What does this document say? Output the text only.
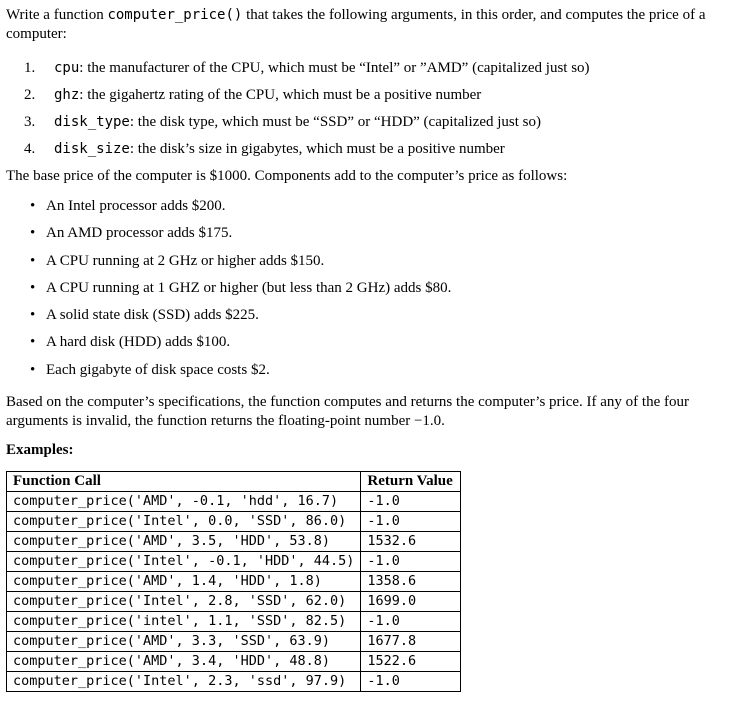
Write a function computer_price() that takes the following arguments, in this order, and computes the price of a computer:

1. cpu: the manufacturer of the CPU, which must be “Intel” or ”AMD” (capitalized just so)
2. ghz: the gigahertz rating of the CPU, which must be a positive number
3. disk_type: the disk type, which must be “SSD” or “HDD” (capitalized just so)
4. disk_size: the disk’s size in gigabytes, which must be a positive number

The base price of the computer is $1000. Components add to the computer’s price as follows:

• An Intel processor adds $200.
• An AMD processor adds $175.
• A CPU running at 2 GHz or higher adds $150.
• A CPU running at 1 GHZ or higher (but less than 2 GHz) adds $80.
• A solid state disk (SSD) adds $225.
• A hard disk (HDD) adds $100.
• Each gigabyte of disk space costs $2.

Based on the computer’s specifications, the function computes and returns the computer’s price. If any of the four arguments is invalid, the function returns the floating-point number −1.0.

Examples:

Function Call	Return Value
computer_price('AMD', -0.1, 'hdd', 16.7)	-1.0
computer_price('Intel', 0.0, 'SSD', 86.0)	-1.0
computer_price('AMD', 3.5, 'HDD', 53.8)	1532.6
computer_price('Intel', -0.1, 'HDD', 44.5)	-1.0
computer_price('AMD', 1.4, 'HDD', 1.8)	1358.6
computer_price('Intel', 2.8, 'SSD', 62.0)	1699.0
computer_price('intel', 1.1, 'SSD', 82.5)	-1.0
computer_price('AMD', 3.3, 'SSD', 63.9)	1677.8
computer_price('AMD', 3.4, 'HDD', 48.8)	1522.6
computer_price('Intel', 2.3, 'ssd', 97.9)	-1.0
